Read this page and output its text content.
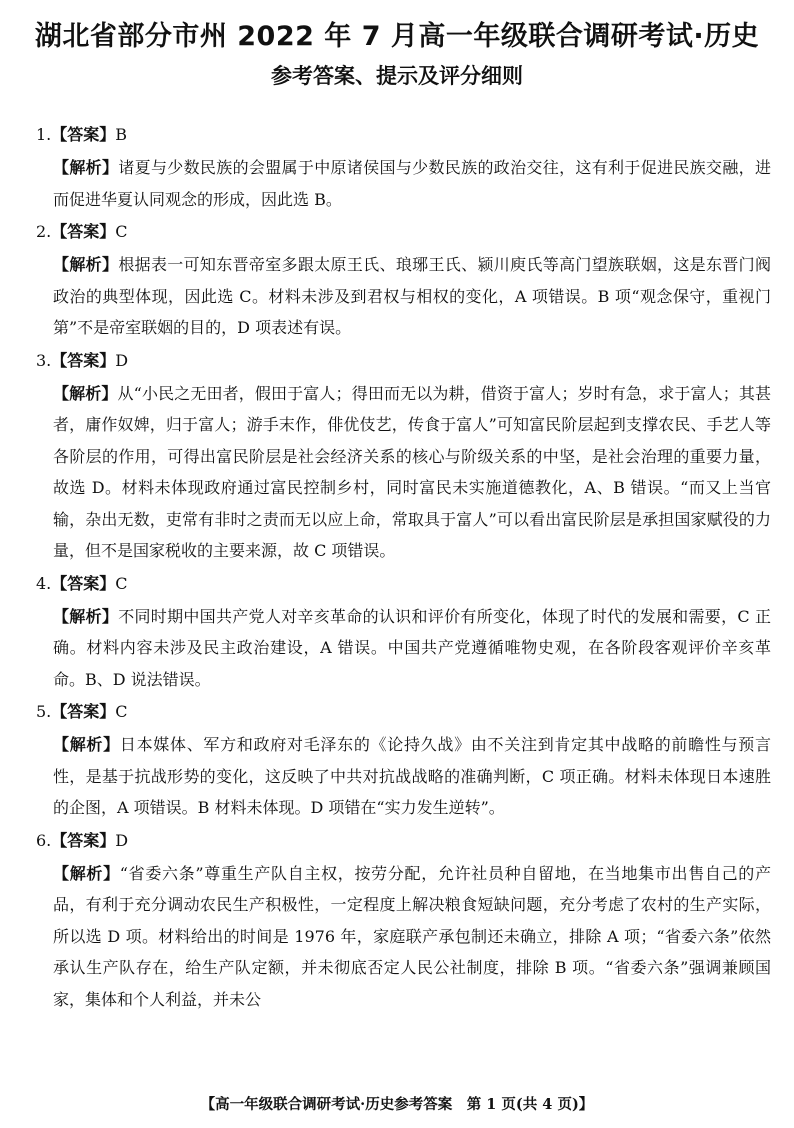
湖北省部分市州 2022 年 7 月高一年级联合调研考试·历史
参考答案、提示及评分细则
1.【答案】B
【解析】诸夏与少数民族的会盟属于中原诸侯国与少数民族的政治交往，这有利于促进民族交融，进而促进华夏认同观念的形成，因此选 B。
2.【答案】C
【解析】根据表一可知东晋帝室多跟太原王氏、琅琊王氏、颍川庾氏等高门望族联姻，这是东晋门阀政治的典型体现，因此选 C。材料未涉及到君权与相权的变化，A 项错误。B 项“观念保守，重视门第”不是帝室联姻的目的，D 项表述有误。
3.【答案】D
【解析】从“小民之无田者，假田于富人；得田而无以为耕，借资于富人；岁时有急，求于富人；其甚者，庸作奴婢，归于富人；游手末作，俳优伎艺，传食于富人”可知富民阶层起到支撑农民、手艺人等各阶层的作用，可得出富民阶层是社会经济关系的核心与阶级关系的中坚，是社会治理的重要力量，故选 D。材料未体现政府通过富民控制乡村，同时富民未实施道德教化，A、B 错误。“而又上当官输，杂出无数，吏常有非时之责而无以应上命，常取具于富人”可以看出富民阶层是承担国家赋役的力量，但不是国家税收的主要来源，故 C 项错误。
4.【答案】C
【解析】不同时期中国共产党人对辛亥革命的认识和评价有所变化，体现了时代的发展和需要，C 正确。材料内容未涉及民主政治建设，A 错误。中国共产党遵循唯物史观，在各阶段客观评价辛亥革命。B、D 说法错误。
5.【答案】C
【解析】日本媒体、军方和政府对毛泽东的《论持久战》由不关注到肯定其中战略的前瞻性与预言性，是基于抗战形势的变化，这反映了中共对抗战战略的准确判断，C 项正确。材料未体现日本速胜的企图，A 项错误。B 材料未体现。D 项错在“实力发生逆转”。
6.【答案】D
【解析】“省委六条”尊重生产队自主权，按劳分配，允许社员种自留地，在当地集市出售自己的产品，有利于充分调动农民生产积极性，一定程度上解决粮食短缺问题，充分考虑了农村的生产实际，所以选 D 项。材料给出的时间是 1976 年，家庭联产承包制还未确立，排除 A 项；“省委六条”依然承认生产队存在，给生产队定额，并未彻底否定人民公社制度，排除 B 项。“省委六条”强调兼顾国家，集体和个人利益，并未公
【高一年级联合调研考试·历史参考答案　第 1 页(共 4 页)】
